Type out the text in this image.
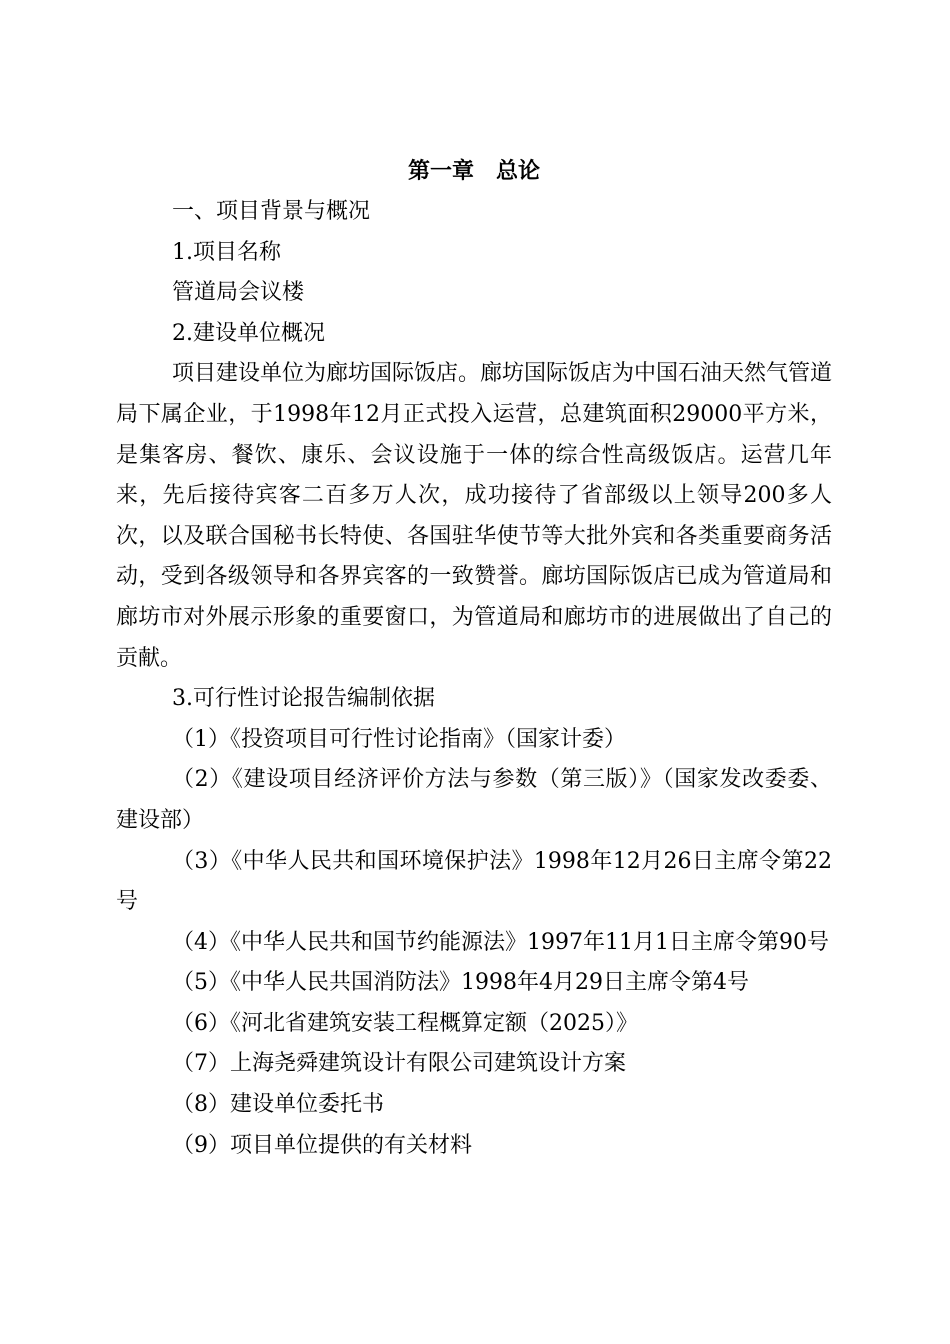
第一章　总论

一、项目背景与概况

1.项目名称

管道局会议楼

2.建设单位概况

项目建设单位为廊坊国际饭店。廊坊国际饭店为中国石油天然气管道局下属企业，于1998年12月正式投入运营，总建筑面积29000平方米，是集客房、餐饮、康乐、会议设施于一体的综合性高级饭店。运营几年来，先后接待宾客二百多万人次，成功接待了省部级以上领导200多人次，以及联合国秘书长特使、各国驻华使节等大批外宾和各类重要商务活动，受到各级领导和各界宾客的一致赞誉。廊坊国际饭店已成为管道局和廊坊市对外展示形象的重要窗口，为管道局和廊坊市的进展做出了自己的贡献。

3.可行性讨论报告编制依据

（1）《投资项目可行性讨论指南》（国家计委）

（2）《建设项目经济评价方法与参数（第三版）》（国家发改委委、建设部）

（3）《中华人民共和国环境保护法》1998年12月26日主席令第22号

（4）《中华人民共和国节约能源法》1997年11月1日主席令第90号

（5）《中华人民共国消防法》1998年4月29日主席令第4号

（6）《河北省建筑安装工程概算定额（2025）》

（7）上海尧舜建筑设计有限公司建筑设计方案

（8）建设单位委托书

（9）项目单位提供的有关材料
